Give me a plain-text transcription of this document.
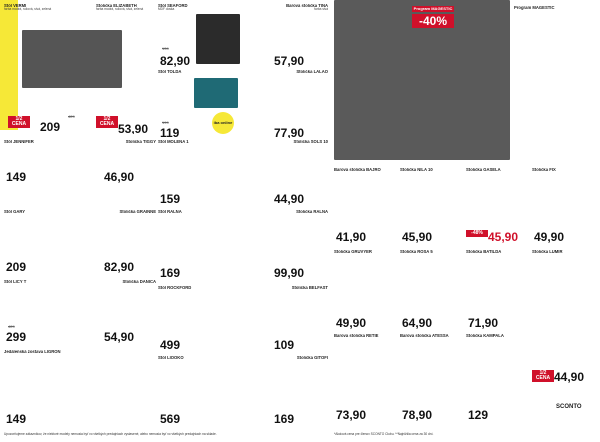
Stôl VERMI
farba modrá, ružová, sivá, zelená
1/2 CENA
429
209
Stolička ELIZABETH
farba modrá, ružová, sivá, zelená
1/2 CENA 53,90
Stôl SEAFORD
MDF doska
139
82,90
Barová stolička TINA
farba sivá
57,90
Stôl TOLDA
199
119
iba online
Stolička LALAO
77,90
Stôl JENNIFER
149
Stolička TIGGY
46,90
Stôl MOLENA 1
159
Stolička SOLS 10
44,90
Stôl GARY
209
Stolička GRAINNE
82,90
Stôl RALNA
169
Stolička RALNA
99,90
Stôl LICY T
429
299
Stolička DANICA
54,90
Stôl ROCKFORD
499
Stolička BELFAST
109
Jedálenská zostava LIGRON
149
Stôl LIOOKO
569
Stolička GITOFI
169
Upozorňujeme zákazníkov, že niektoré modely nemusia byť vo všetkých predajniach vystavené, alebo nemusia byť vo všetkých predajniach na sklade.
Program MAGESTIC
-40%
Program MAGESTIC
Barová stolička BAJRO
41,90
Stolička NILA 10
45,90
Stolička GASELA
-48% 45,90
Stolička FIX
49,90
Stolička GRUVYER
49,90
Stolička ROSA 5
64,90
Stolička BATILDA
71,90
Stolička LUMIR
1/2 CENA 44,90
Barová stolička RETIE
73,90
Barová stolička ATESSA
78,90
Stolička KAMPALA
129
SCONTO
*Akciová cena pre členov SCONTO Clubu. **Najnižšia cena za 30 dní.
